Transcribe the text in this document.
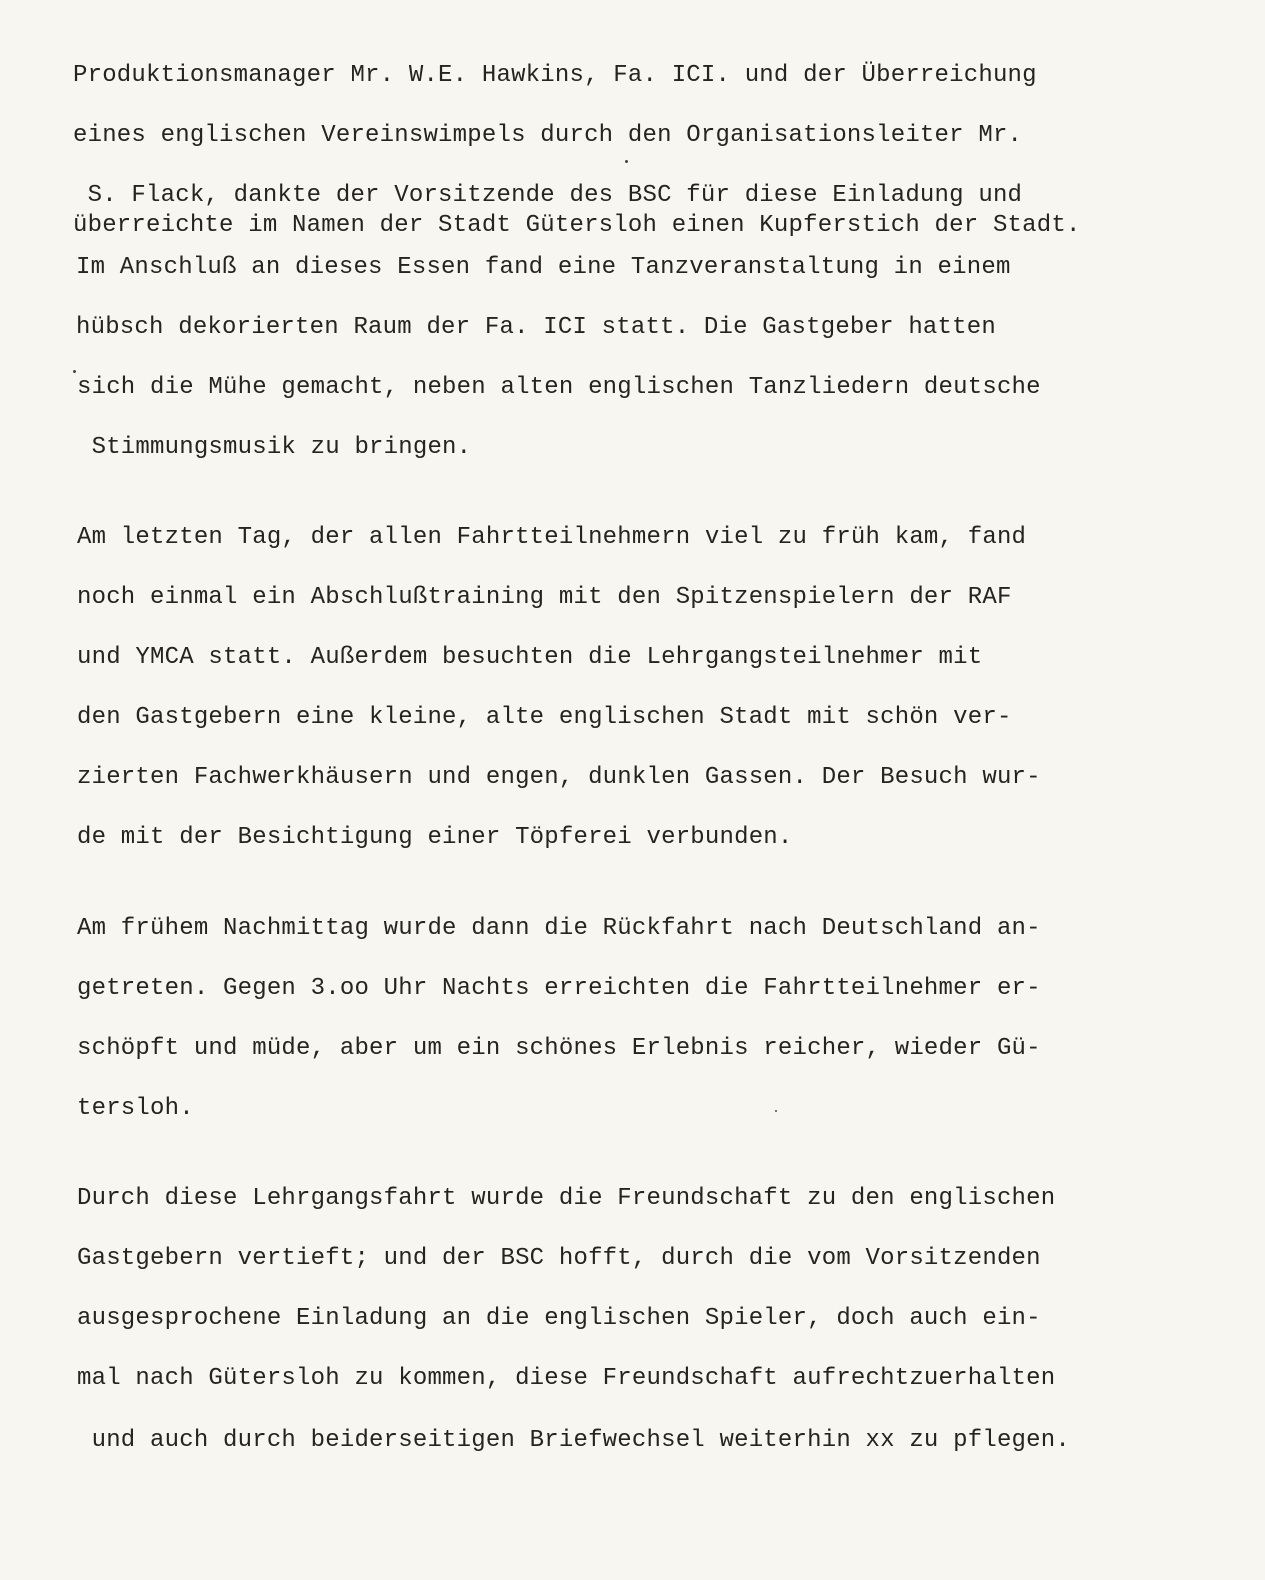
Produktionsmanager Mr. W.E. Hawkins, Fa. ICI. und der Überreichung
eines englischen Vereinswimpels durch den Organisationsleiter Mr.
S. Flack, dankte der Vorsitzende des BSC für diese Einladung und
überreichte im Namen der Stadt Gütersloh einen Kupferstich der Stadt.
Im Anschluß an dieses Essen fand eine Tanzveranstaltung in einem
hübsch dekorierten Raum der Fa. ICI statt. Die Gastgeber hatten
sich die Mühe gemacht, neben alten englischen Tanzliedern deutsche
Stimmungsmusik zu bringen.
Am letzten Tag, der allen Fahrtteilnehmern viel zu früh kam, fand
noch einmal ein Abschlußtraining mit den Spitzenspielern der RAF
und YMCA statt. Außerdem besuchten die Lehrgangsteilnehmer mit
den Gastgebern eine kleine, alte englischen Stadt mit schön ver-
zierten Fachwerkhäusern und engen, dunklen Gassen. Der Besuch wur-
de mit der Besichtigung einer Töpferei verbunden.
Am frühem Nachmittag wurde dann die Rückfahrt nach Deutschland an-
getreten. Gegen 3.oo Uhr Nachts erreichten die Fahrtteilnehmer er-
schöpft und müde, aber um ein schönes Erlebnis reicher, wieder Gü-
tersloh.
Durch diese Lehrgangsfahrt wurde die Freundschaft zu den englischen
Gastgebern vertieft; und der BSC hofft, durch die vom Vorsitzenden
ausgesprochene Einladung an die englischen Spieler, doch auch ein-
mal nach Gütersloh zu kommen, diese Freundschaft aufrechtzuerhalten
und auch durch beiderseitigen Briefwechsel weiterhin xx zu pflegen.
